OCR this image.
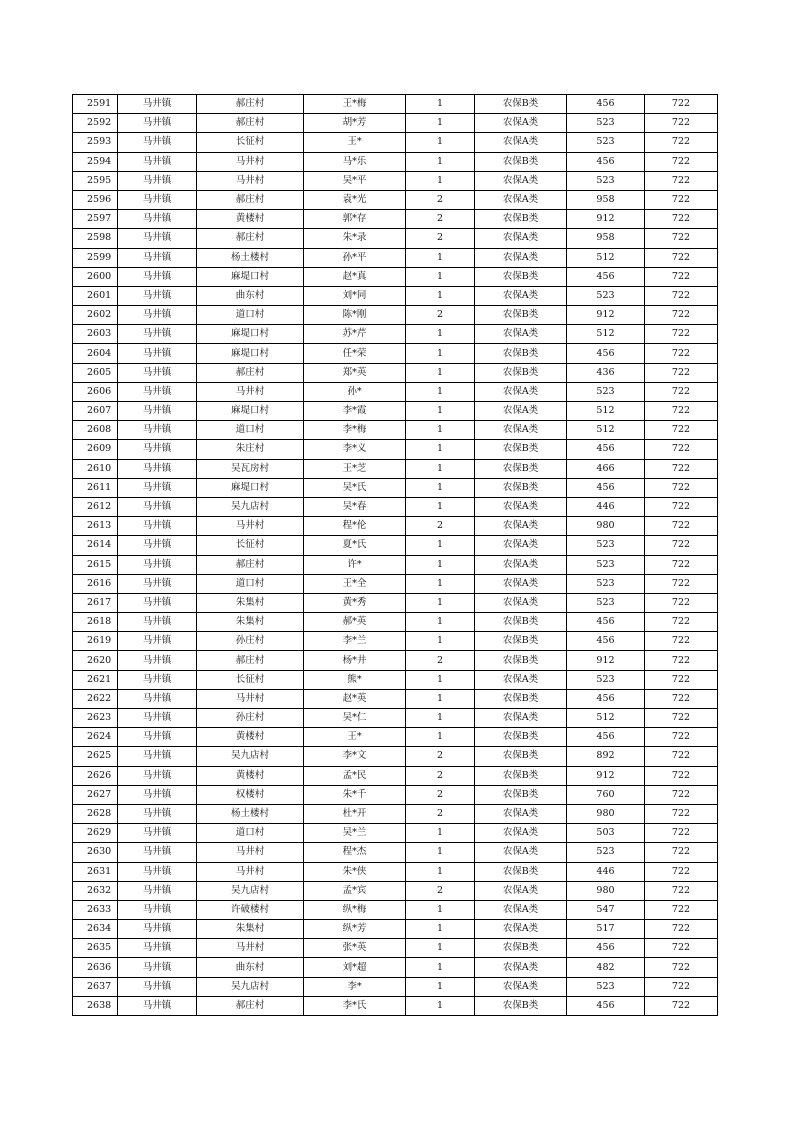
2591	马井镇	郝庄村	王*梅	1	农保B类	456	722
2592	马井镇	郝庄村	胡*芳	1	农保A类	523	722
2593	马井镇	长征村	王*	1	农保A类	523	722
2594	马井镇	马井村	马*乐	1	农保B类	456	722
2595	马井镇	马井村	吴*平	1	农保A类	523	722
2596	马井镇	郝庄村	袁*光	2	农保A类	958	722
2597	马井镇	黄楼村	郭*存	2	农保B类	912	722
2598	马井镇	郝庄村	朱*录	2	农保A类	958	722
2599	马井镇	杨土楼村	孙*平	1	农保A类	512	722
2600	马井镇	麻堤口村	赵*真	1	农保B类	456	722
2601	马井镇	曲东村	刘*同	1	农保A类	523	722
2602	马井镇	道口村	陈*刚	2	农保B类	912	722
2603	马井镇	麻堤口村	苏*芹	1	农保A类	512	722
2604	马井镇	麻堤口村	任*荣	1	农保B类	456	722
2605	马井镇	郝庄村	郑*英	1	农保B类	436	722
2606	马井镇	马井村	孙*	1	农保A类	523	722
2607	马井镇	麻堤口村	李*霞	1	农保A类	512	722
2608	马井镇	道口村	李*梅	1	农保A类	512	722
2609	马井镇	朱庄村	李*义	1	农保B类	456	722
2610	马井镇	吴瓦房村	王*芝	1	农保B类	466	722
2611	马井镇	麻堤口村	吴*氏	1	农保B类	456	722
2612	马井镇	吴九店村	吴*春	1	农保A类	446	722
2613	马井镇	马井村	程*伦	2	农保A类	980	722
2614	马井镇	长征村	夏*氏	1	农保A类	523	722
2615	马井镇	郝庄村	许*	1	农保A类	523	722
2616	马井镇	道口村	王*全	1	农保A类	523	722
2617	马井镇	朱集村	黄*秀	1	农保A类	523	722
2618	马井镇	朱集村	郝*英	1	农保B类	456	722
2619	马井镇	孙庄村	李*兰	1	农保B类	456	722
2620	马井镇	郝庄村	杨*井	2	农保B类	912	722
2621	马井镇	长征村	熊*	1	农保A类	523	722
2622	马井镇	马井村	赵*英	1	农保B类	456	722
2623	马井镇	孙庄村	吴*仁	1	农保A类	512	722
2624	马井镇	黄楼村	王*	1	农保B类	456	722
2625	马井镇	吴九店村	李*文	2	农保B类	892	722
2626	马井镇	黄楼村	孟*民	2	农保B类	912	722
2627	马井镇	权楼村	朱*千	2	农保B类	760	722
2628	马井镇	杨土楼村	杜*开	2	农保A类	980	722
2629	马井镇	道口村	吴*兰	1	农保A类	503	722
2630	马井镇	马井村	程*杰	1	农保A类	523	722
2631	马井镇	马井村	朱*侠	1	农保B类	446	722
2632	马井镇	吴九店村	孟*宾	2	农保A类	980	722
2633	马井镇	许破楼村	纵*梅	1	农保A类	547	722
2634	马井镇	朱集村	纵*芳	1	农保A类	517	722
2635	马井镇	马井村	张*英	1	农保B类	456	722
2636	马井镇	曲东村	刘*超	1	农保A类	482	722
2637	马井镇	吴九店村	李*	1	农保A类	523	722
2638	马井镇	郝庄村	李*氏	1	农保B类	456	722
